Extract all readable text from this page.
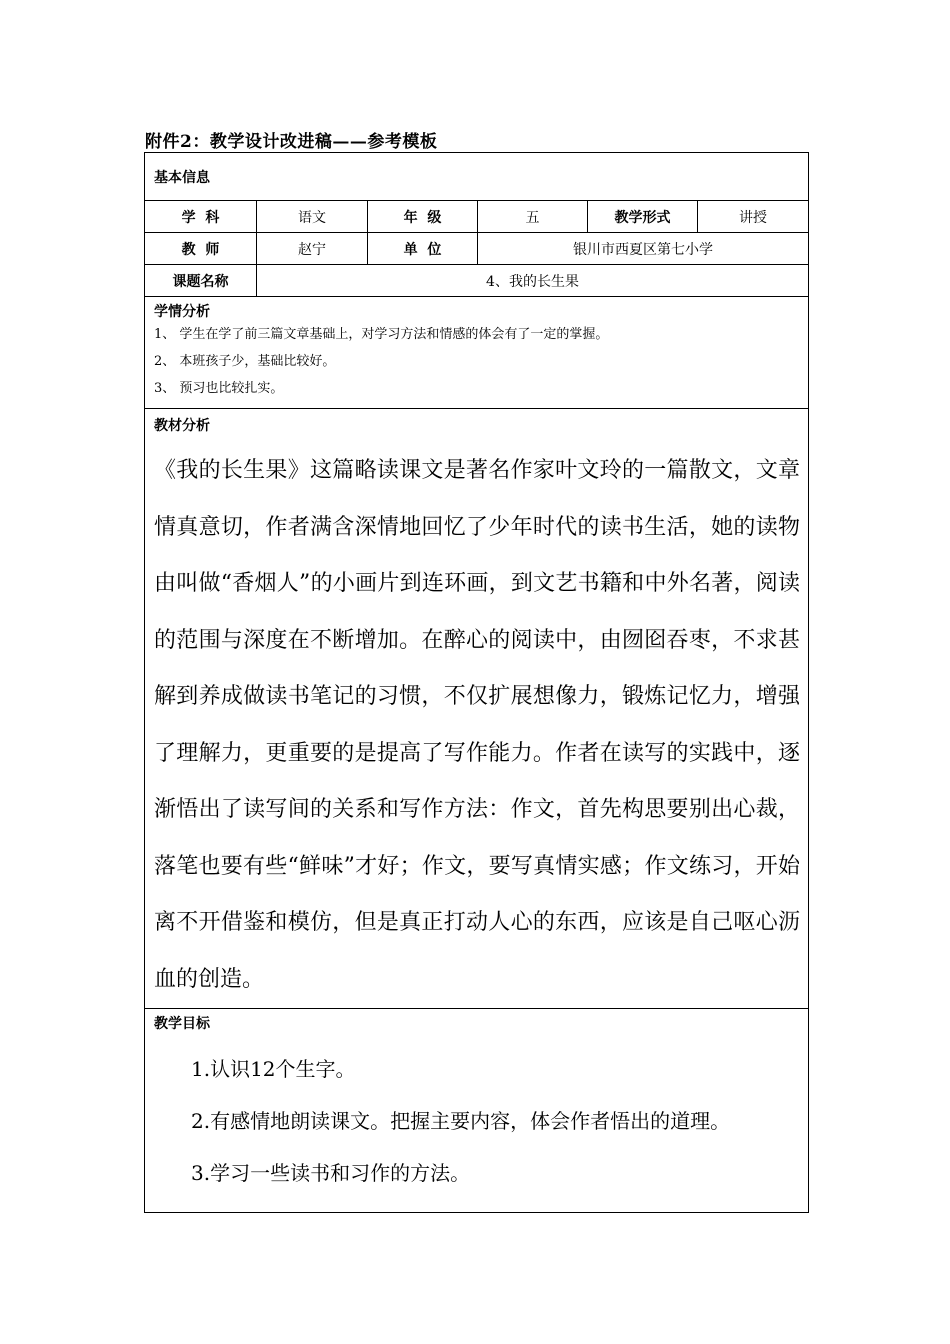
附件2：教学设计改进稿——参考模板
基本信息					
学  科	语文	年  级	五	教学形式	讲授
教  师	赵宁	单  位	银川市西夏区第七小学		
课题名称	4、我的长生果				

学情分析
1、 学生在学了前三篇文章基础上，对学习方法和情感的体会有了一定的掌握。
2、 本班孩子少，基础比较好。
3、 预习也比较扎实。					

教材分析
《我的长生果》这篇略读课文是著名作家叶文玲的一篇散文，文章情真意切，作者满含深情地回忆了少年时代的读书生活，她的读物由叫做“香烟人”的小画片到连环画，到文艺书籍和中外名著，阅读的范围与深度在不断增加。在醉心的阅读中，由囫囵吞枣，不求甚解到养成做读书笔记的习惯，不仅扩展想像力，锻炼记忆力，增强了理解力，更重要的是提高了写作能力。作者在读写的实践中，逐渐悟出了读写间的关系和写作方法：作文，首先构思要别出心裁，落笔也要有些“鲜味”才好；作文，要写真情实感；作文练习，开始离不开借鉴和模仿，但是真正打动人心的东西，应该是自己呕心沥血的创造。					

教学目标
1.认识12个生字。
2.有感情地朗读课文。把握主要内容，体会作者悟出的道理。
3.学习一些读书和习作的方法。					
